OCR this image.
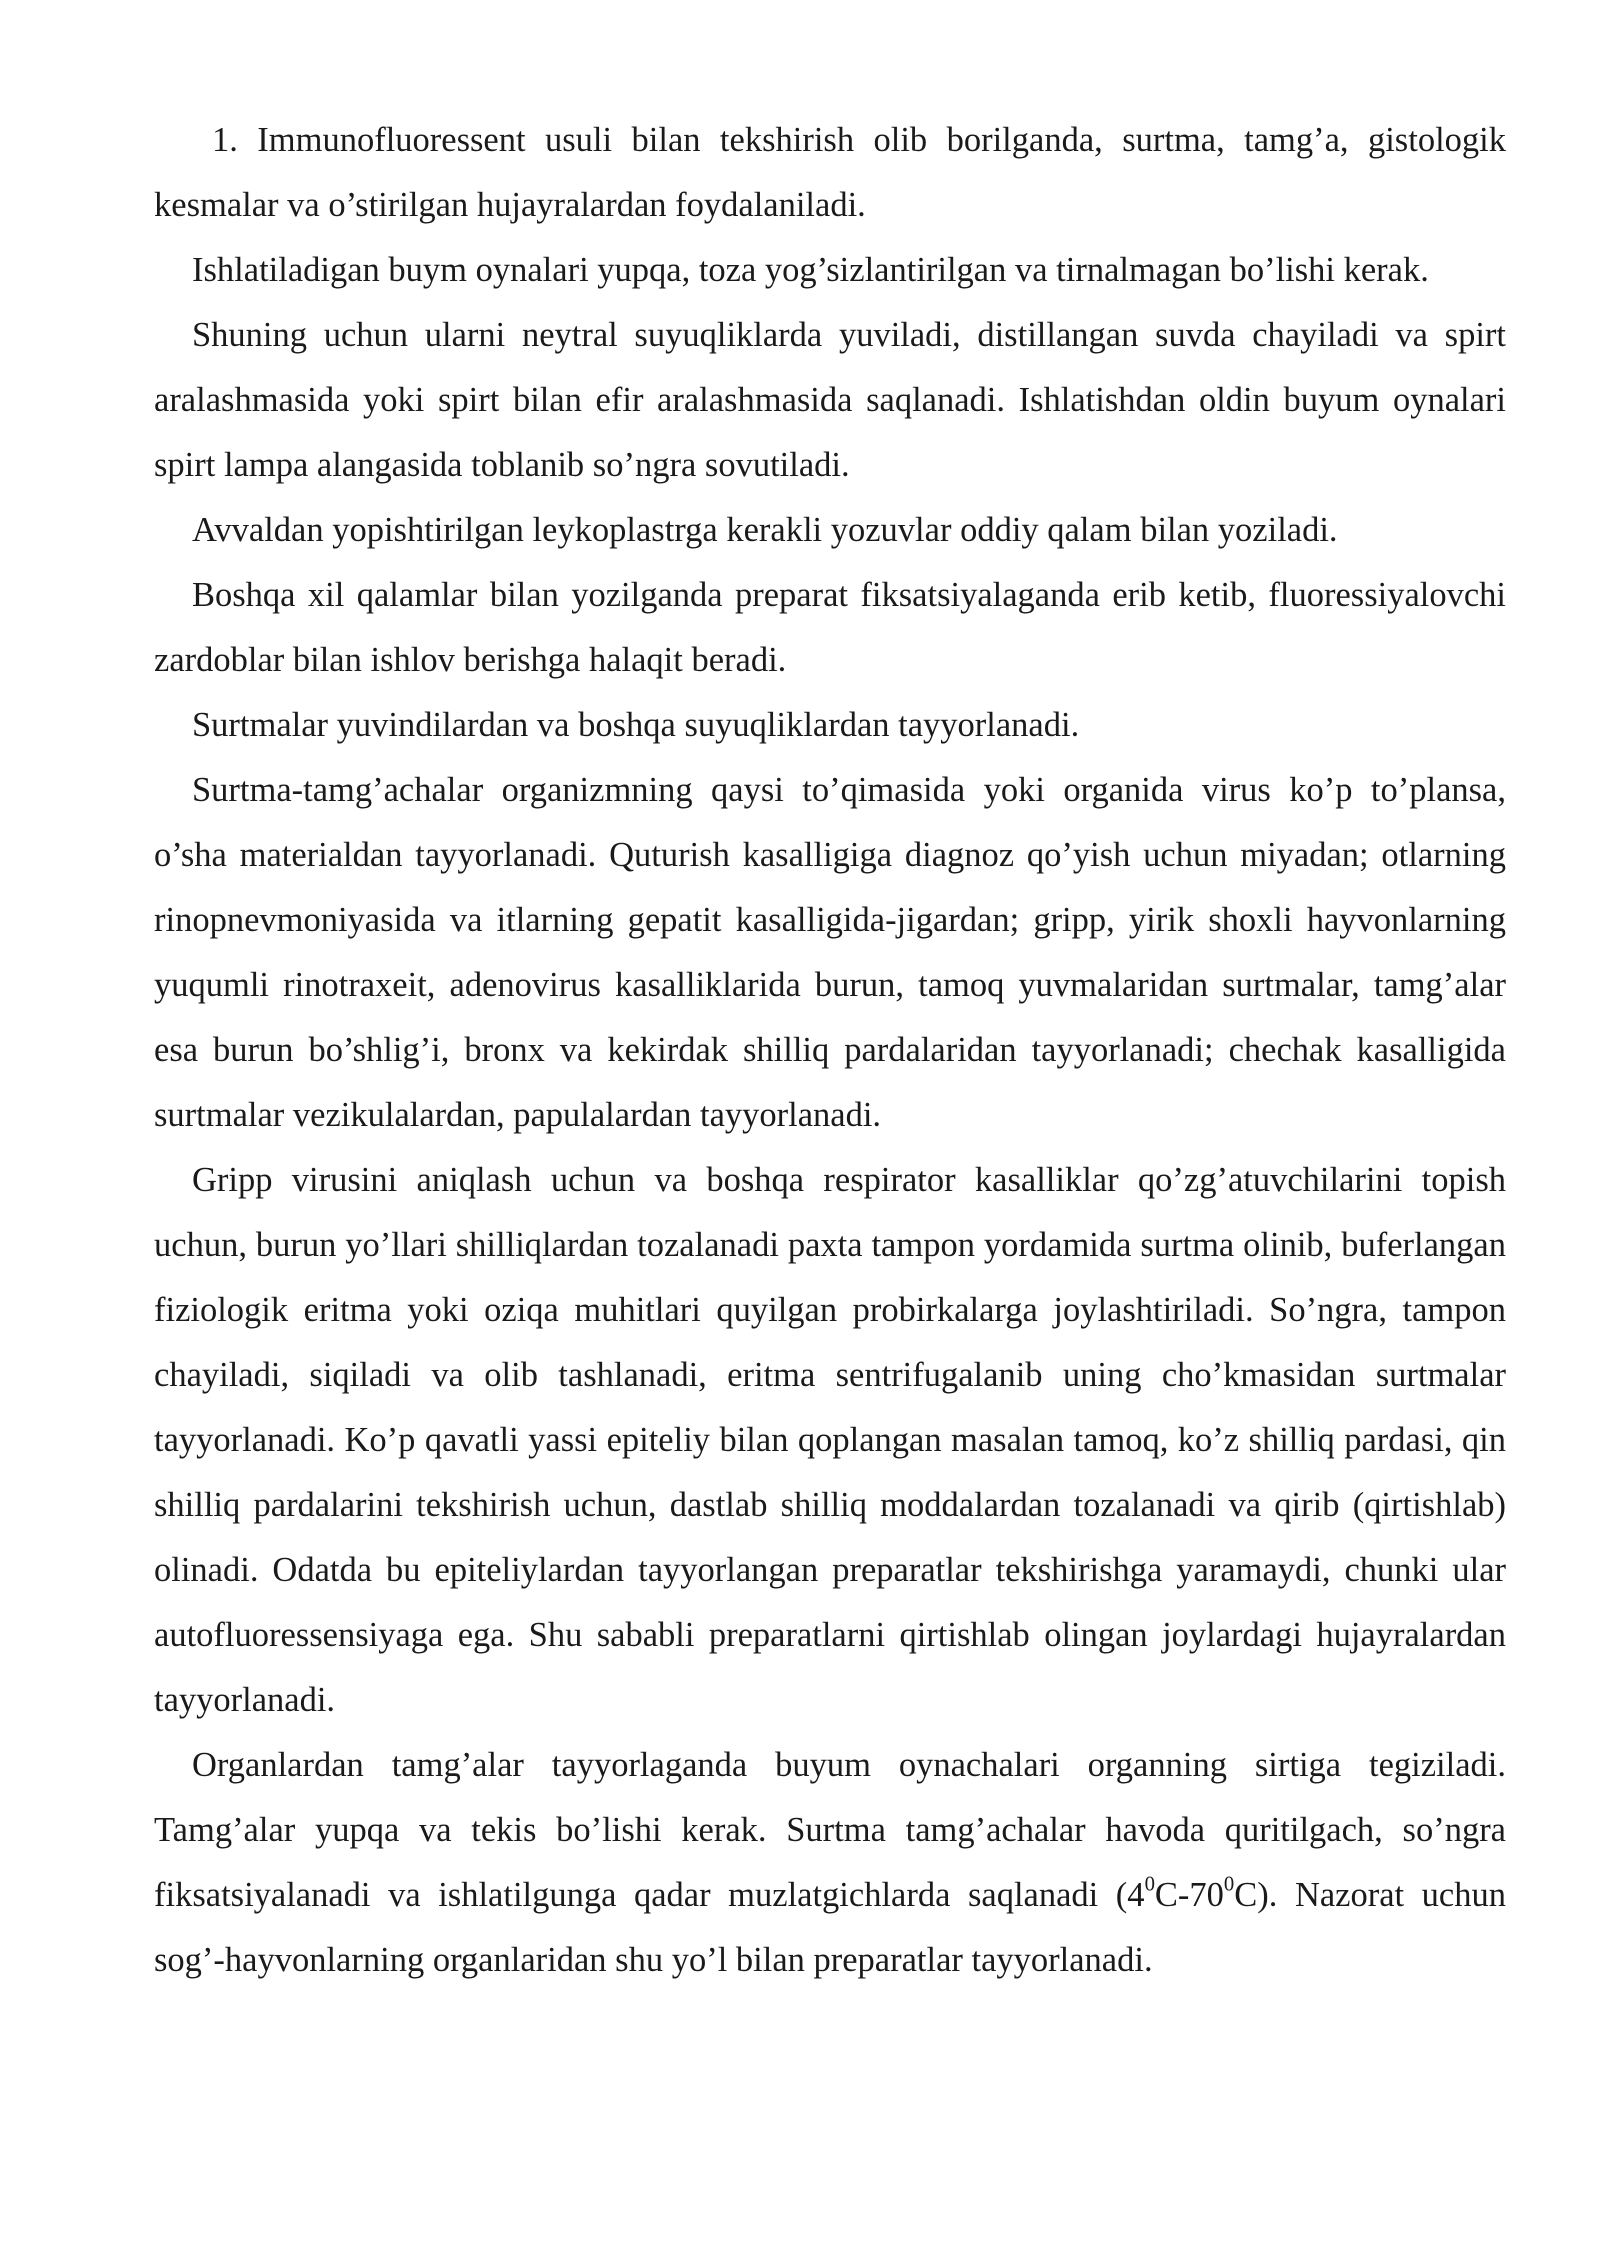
1. Immunofluoressent usuli bilan tekshirish olib borilganda, surtma, tamg’a, gistologik kesmalar va o’stirilgan hujayralardan foydalaniladi.

Ishlatiladigan buym oynalari yupqa, toza yog’sizlantirilgan va tirnalmagan bo’lishi kerak.

Shuning uchun ularni neytral suyuqliklarda yuviladi, distillangan suvda chayiladi va spirt aralashmasida yoki spirt bilan efir aralashmasida saqlanadi. Ishlatishdan oldin buyum oynalari spirt lampa alangasida toblanib so’ngra sovutiladi.

Avvaldan yopishtirilgan leykoplastrga kerakli yozuvlar oddiy qalam bilan yoziladi.

Boshqa xil qalamlar bilan yozilganda preparat fiksatsiyalaganda erib ketib, fluoressiyalovchi zardoblar bilan ishlov berishga halaqit beradi.

Surtmalar yuvindilardan va boshqa suyuqliklardan tayyorlanadi.

Surtma-tamg’achalar organizmning qaysi to’qimasida yoki organida virus ko’p to’plansa, o’sha materialdan tayyorlanadi. Quturish kasalligiga diagnoz qo’yish uchun miyadan; otlarning rinopnevmoniyasida va itlarning gepatit kasalligida-jigardan; gripp, yirik shoxli hayvonlarning yuqumli rinotraxeit, adenovirus kasalliklarida burun, tamoq yuvmalaridan surtmalar, tamg’alar esa burun bo’shlig’i, bronx va kekirdak shilliq pardalaridan tayyorlanadi; chechak kasalligida surtmalar vezikulalardan, papulalardan tayyorlanadi.

Gripp virusini aniqlash uchun va boshqa respirator kasalliklar qo’zg’atuvchilarini topish uchun, burun yo’llari shilliqlardan tozalanadi paxta tampon yordamida surtma olinib, buferlangan fiziologik eritma yoki oziqa muhitlari quyilgan probirkalarga joylashtiriladi. So’ngra, tampon chayiladi, siqiladi va olib tashlanadi, eritma sentrifugalanib uning cho’kmasidan surtmalar tayyorlanadi. Ko’p qavatli yassi epiteliy bilan qoplangan masalan tamoq, ko’z shilliq pardasi, qin shilliq pardalarini tekshirish uchun, dastlab shilliq moddalardan tozalanadi va qirib (qirtishlab) olinadi. Odatda bu epiteliylardan tayyorlangan preparatlar tekshirishga yaramaydi, chunki ular autofluoressensiyaga ega. Shu sababli preparatlarni qirtishlab olingan joylardagi hujayralardan tayyorlanadi.

Organlardan tamg’alar tayyorlaganda buyum oynachalari organning sirtiga tegiziladi. Tamg’alar yupqa va tekis bo’lishi kerak. Surtma tamg’achalar havoda quritilgach, so’ngra fiksatsiyalanadi va ishlatilgunga qadar muzlatgichlarda saqlanadi $(4^0C-70^0C)$. Nazorat uchun sog’-hayvonlarning organlaridan shu yo’l bilan preparatlar tayyorlanadi.
